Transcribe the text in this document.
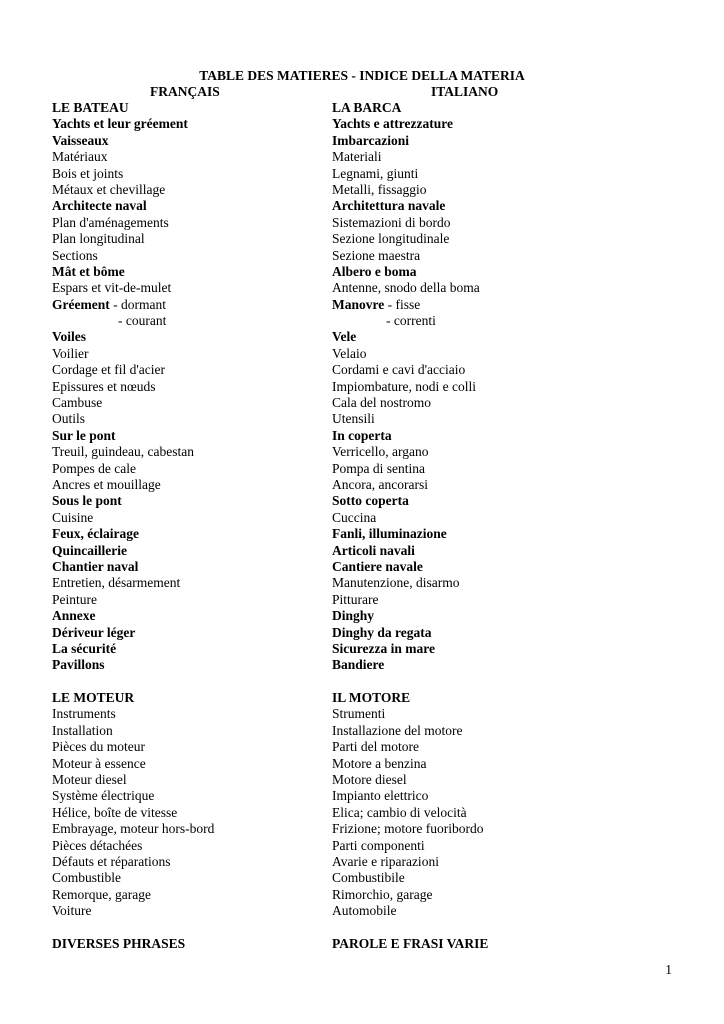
TABLE DES MATIERES - INDICE DELLA MATERIA
FRANÇAIS	ITALIANO
LE BATEAU
Yachts et leur gréement
Vaisseaux
Matériaux
Bois et joints
Métaux et chevillage
Architecte naval
Plan d'aménagements
Plan longitudinal
Sections
Mât et bôme
Espars et vit-de-mulet
Gréement - dormant
- courant
Voiles
Voilier
Cordage et fil d'acier
Epissures et nœuds
Cambuse
Outils
Sur le pont
Treuil, guindeau, cabestan
Pompes de cale
Ancres et mouillage
Sous le pont
Cuisine
Feux, éclairage
Quincaillerie
Chantier naval
Entretien, désarmement
Peinture
Annexe
Dériveur léger
La sécurité
Pavillons
LE MOTEUR
Instruments
Installation
Pièces du moteur
Moteur à essence
Moteur diesel
Système électrique
Hélice, boîte de vitesse
Embrayage, moteur hors-bord
Pièces détachées
Défauts et réparations
Combustible
Remorque, garage
Voiture
DIVERSES PHRASES
LA BARCA
Yachts e attrezzature
Imbarcazioni
Materiali
Legnami, giunti
Metalli, fissaggio
Architettura navale
Sistemazioni di bordo
Sezione longitudinale
Sezione maestra
Albero e boma
Antenne, snodo della boma
Manovre - fisse
- correnti
Vele
Velaio
Cordami e cavi d'acciaio
Impiombature, nodi e colli
Cala del nostromo
Utensili
In coperta
Verricello, argano
Pompa di sentina
Ancora, ancorarsi
Sotto coperta
Cuccina
Fanli, illuminazione
Articoli navali
Cantiere navale
Manutenzione, disarmo
Pitturare
Dinghy
Dinghy da regata
Sicurezza in mare
Bandiere
IL MOTORE
Strumenti
Installazione del motore
Parti del motore
Motore a benzina
Motore diesel
Impianto elettrico
Elica; cambio di velocità
Frizione; motore fuoribordo
Parti componenti
Avarie e riparazioni
Combustibile
Rimorchio, garage
Automobile
PAROLE E FRASI VARIE
1
